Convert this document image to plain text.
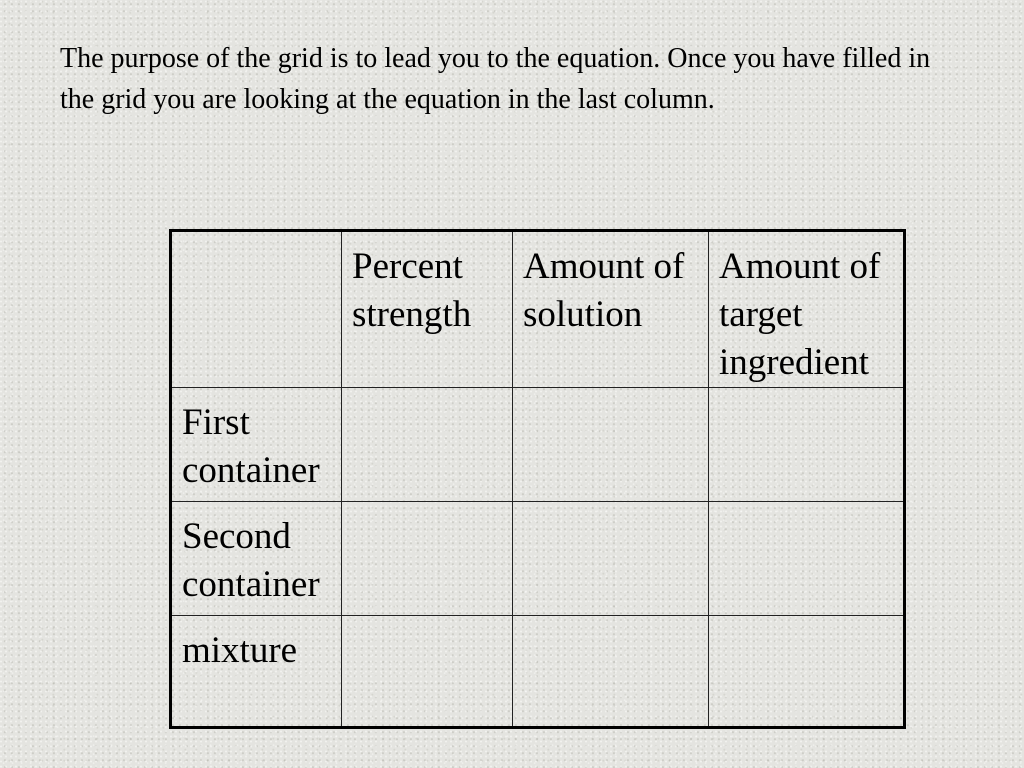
The purpose of the grid is to lead you to the equation. Once you have filled in the grid you are looking at the equation in the last column.

	Percent strength	Amount of solution	Amount of target ingredient
First container			
Second container			
mixture			
